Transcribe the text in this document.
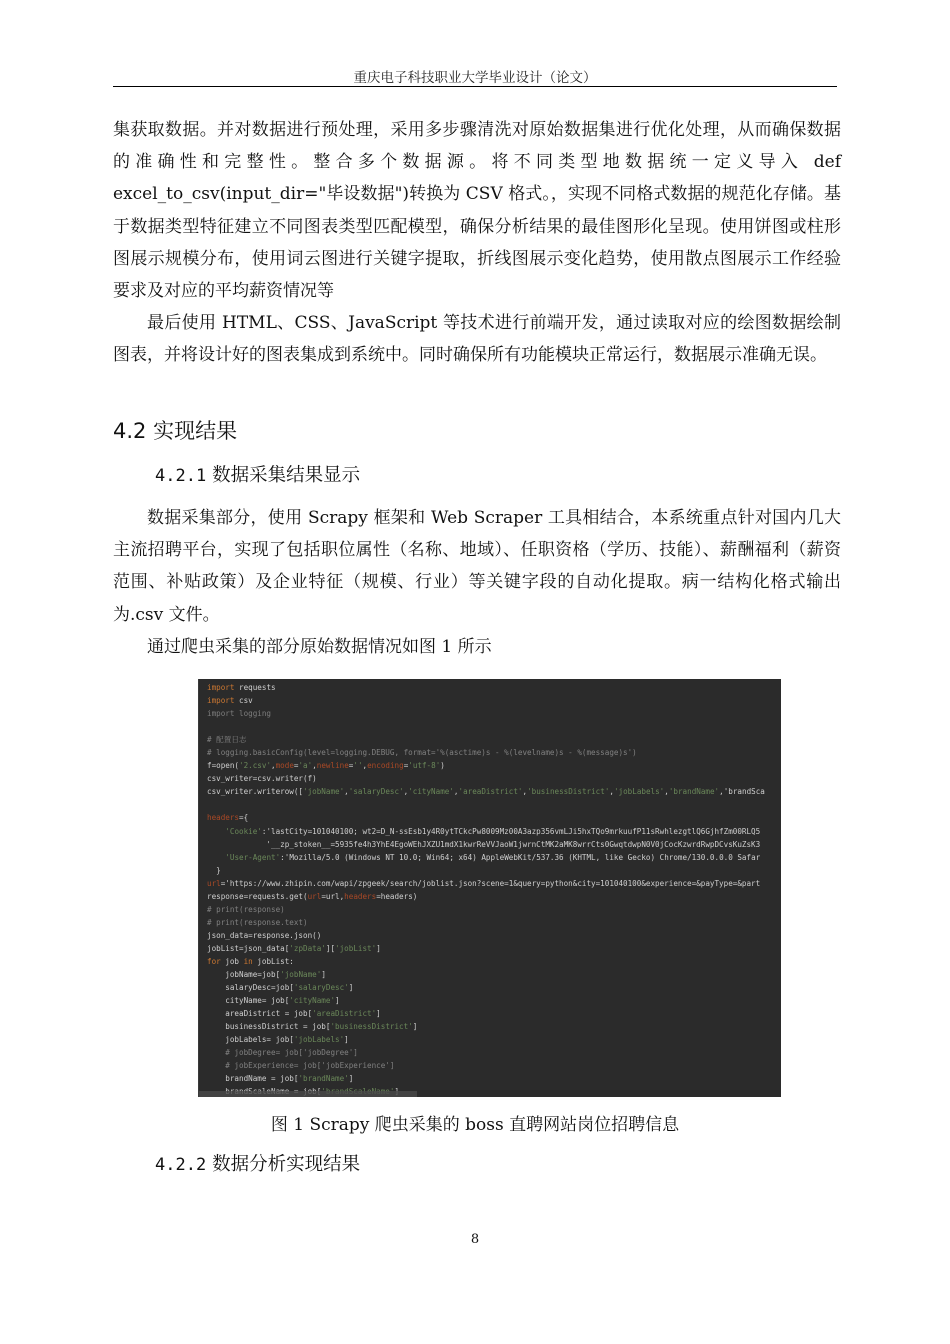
重庆电子科技职业大学毕业设计（论文）

集获取数据。并对数据进行预处理，采用多步骤清洗对原始数据集进行优化处理，从而确保数据的准确性和完整性。整合多个数据源。将不同类型地数据统一定义导入 def excel_to_csv(input_dir="毕设数据")转换为 CSV 格式。，实现不同格式数据的规范化存储。基于数据类型特征建立不同图表类型匹配模型，确保分析结果的最佳图形化呈现。使用饼图或柱形图展示规模分布，使用词云图进行关键字提取，折线图展示变化趋势，使用散点图展示工作经验要求及对应的平均薪资情况等

最后使用 HTML、CSS、JavaScript 等技术进行前端开发，通过读取对应的绘图数据绘制图表，并将设计好的图表集成到系统中。同时确保所有功能模块正常运行，数据展示准确无误。

4.2 实现结果
4.2.1 数据采集结果显示

数据采集部分，使用 Scrapy 框架和 Web Scraper 工具相结合，本系统重点针对国内几大主流招聘平台，实现了包括职位属性（名称、地域）、任职资格（学历、技能）、薪酬福利（薪资范围、补贴政策）及企业特征（规模、行业）等关键字段的自动化提取。病一结构化格式输出为.csv 文件。

通过爬虫采集的部分原始数据情况如图 1 所示

import requests
import csv
import logging

# 配置日志
# logging.basicConfig(level=logging.DEBUG, format='%(asctime)s - %(levelname)s - %(message)s')
f=open('2.csv',mode='a',newline='',encoding='utf-8')
csv_writer=csv.writer(f)
csv_writer.writerow(['jobName','salaryDesc','cityName','areaDistrict','businessDistrict','jobLabels','brandName','brandSca

headers={
'Cookie':'lastCity=101040100; wt2=D_N-ssEsb1y4R0ytTCkcPw8009Mz00A3azp356vmLJi5hxTQo9mrkuufP11sRwhlezgtlQ6GjhfZm00RLQ5
'__zp_stoken__=5935fe4h3YhE4EgoWEhJXZU1mdX1kwrReVVJaoW1jwrnCtMK2aMK8wrrCts0GwqtdwpN0V0jCocKzwrdRwpDCvsKuZsK3
'User-Agent':'Mozilla/5.0 (Windows NT 10.0; Win64; x64) AppleWebKit/537.36 (KHTML, like Gecko) Chrome/130.0.0.0 Safar
}
url='https://www.zhipin.com/wapi/zpgeek/search/joblist.json?scene=1&query=python&city=101040100&experience=&payType=&part
response=requests.get(url=url,headers=headers)
# print(response)
# print(response.text)
json_data=response.json()
jobList=json_data['zpData']['jobList']
for job in jobList:
jobName=job['jobName']
salaryDesc=job['salaryDesc']
cityName= job['cityName']
areaDistrict = job['areaDistrict']
businessDistrict = job['businessDistrict']
jobLabels= job['jobLabels']
# jobDegree= job['jobDegree']
# jobExperience= job['jobExperience']
brandName = job['brandName']

图 1 Scrapy 爬虫采集的 boss 直聘网站岗位招聘信息
4.2.2 数据分析实现结果
8
